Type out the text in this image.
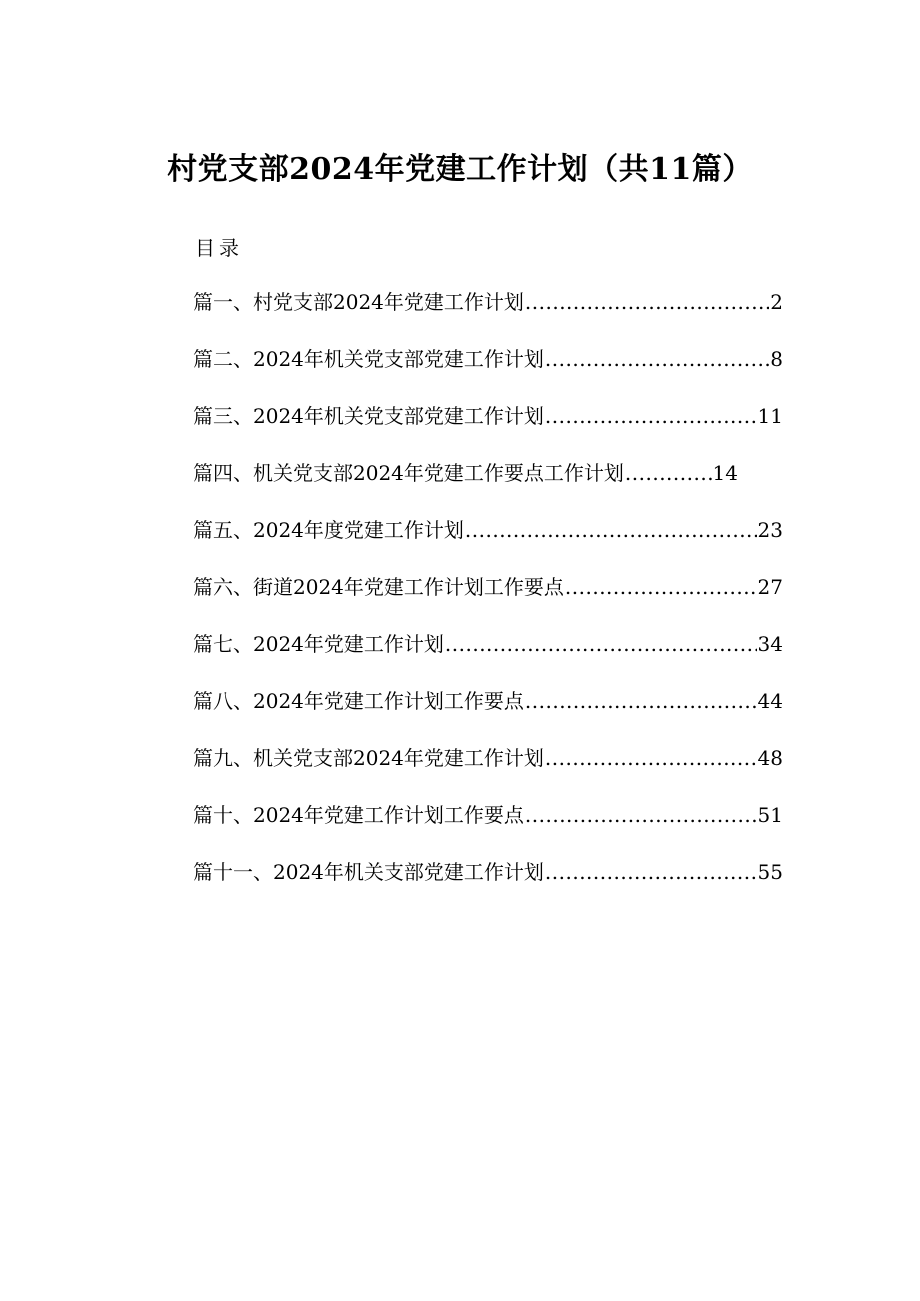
村党支部2024年党建工作计划（共11篇）
目录
篇一、村党支部2024年党建工作计划 .....	2
篇二、2024年机关党支部党建工作计划 .....	8
篇三、2024年机关党支部党建工作计划 .....	11
篇四、机关党支部2024年党建工作要点工作计划 .....	14
篇五、2024年度党建工作计划 .....	23
篇六、街道2024年党建工作计划工作要点 .....	27
篇七、2024年党建工作计划 .....	34
篇八、2024年党建工作计划工作要点 .....	44
篇九、机关党支部2024年党建工作计划 .....	48
篇十、2024年党建工作计划工作要点 .....	51
篇十一、2024年机关支部党建工作计划 .....	55
